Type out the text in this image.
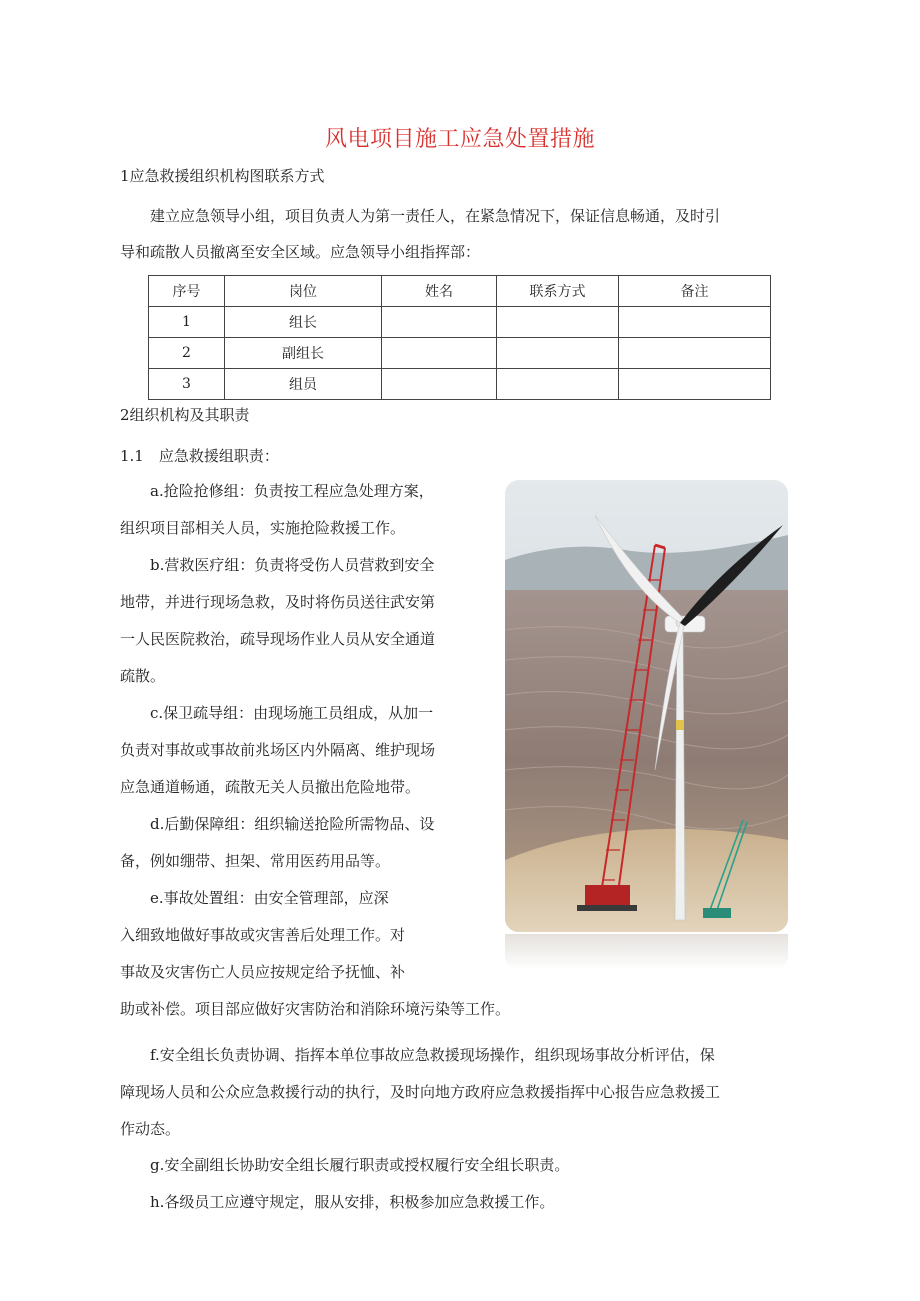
风电项目施工应急处置措施
1应急救援组织机构图联系方式
建立应急领导小组，项目负责人为第一责任人，在紧急情况下，保证信息畅通，及时引
导和疏散人员撤离至安全区域。应急领导小组指挥部：
序号	岗位	姓名	联系方式	备注
1	组长			
2	副组长			
3	组员			
2组织机构及其职责
1.1　应急救援组职责：
a.抢险抢修组：负责按工程应急处理方案，
组织项目部相关人员，实施抢险救援工作。
b.营救医疗组：负责将受伤人员营救到安全
地带，并进行现场急救，及时将伤员送往武安第
一人民医院救治，疏导现场作业人员从安全通道
疏散。
c.保卫疏导组：由现场施工员组成，从加一
负责对事故或事故前兆场区内外隔离、维护现场
应急通道畅通，疏散无关人员撤出危险地带。
d.后勤保障组：组织输送抢险所需物品、设
备，例如绷带、担架、常用医药用品等。
e.事故处置组：由安全管理部，应深
入细致地做好事故或灾害善后处理工作。对
事故及灾害伤亡人员应按规定给予抚恤、补
助或补偿。项目部应做好灾害防治和消除环境污染等工作。
f.安全组长负责协调、指挥本单位事故应急救援现场操作，组织现场事故分析评估，保
障现场人员和公众应急救援行动的执行，及时向地方政府应急救援指挥中心报告应急救援工
作动态。
g.安全副组长协助安全组长履行职责或授权履行安全组长职责。
h.各级员工应遵守规定，服从安排，积极参加应急救援工作。
